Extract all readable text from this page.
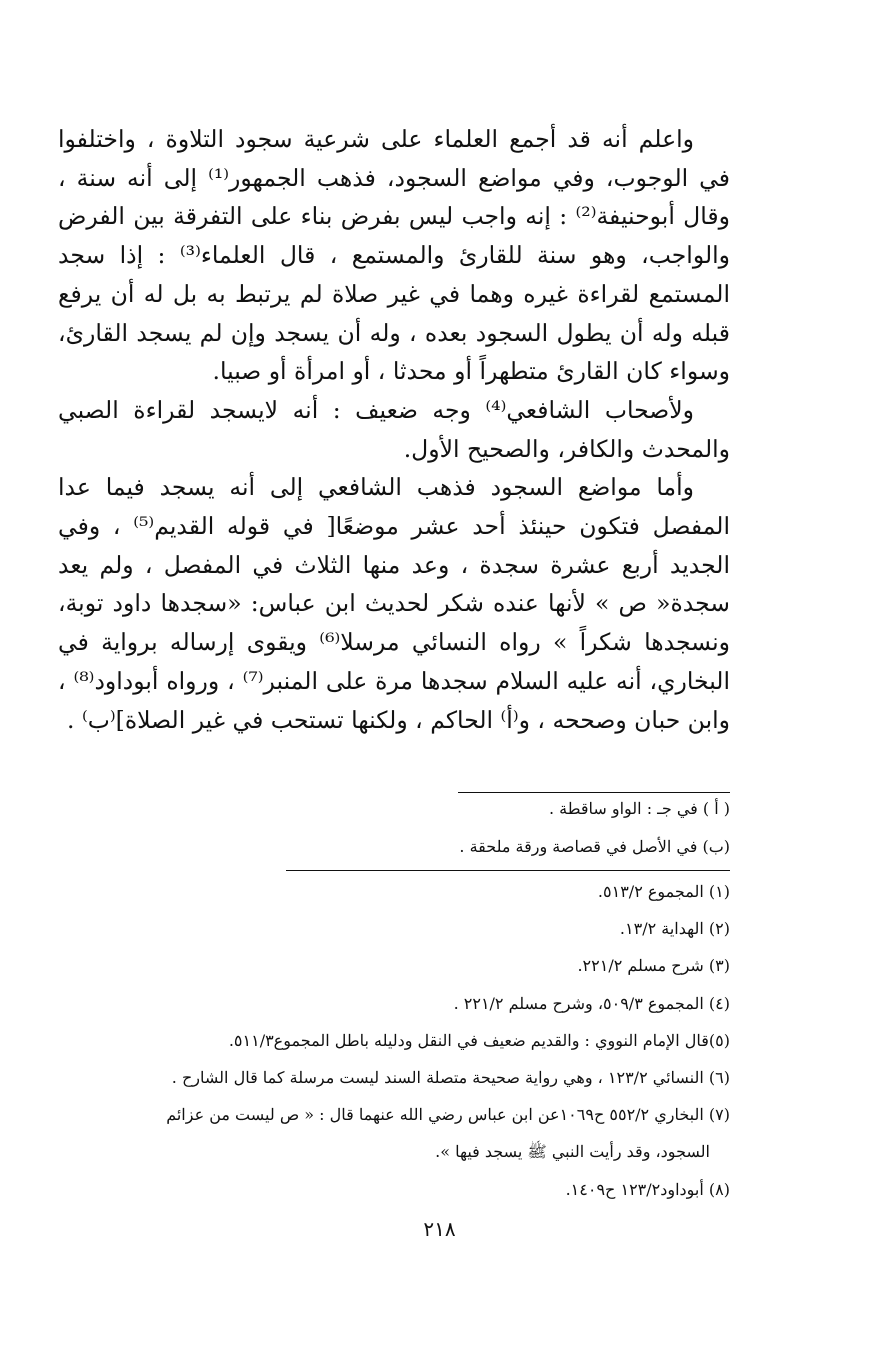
واعلم أنه قد أجمع العلماء على شرعية سجود التلاوة ، واختلفوا في الوجوب، وفي مواضع السجود، فذهب الجمهور⁽¹⁾ إلى أنه سنة ، وقال أبوحنيفة⁽²⁾ : إنه واجب ليس بفرض بناء على التفرقة بين الفرض والواجب، وهو سنة للقارئ والمستمع ، قال العلماء⁽³⁾ : إذا سجد المستمع لقراءة غيره وهما في غير صلاة لم يرتبط به بل له أن يرفع قبله وله أن يطول السجود بعده ، وله أن يسجد وإن لم يسجد القارئ، وسواء كان القارئ متطهراً أو محدثا ، أو امرأة أو صبيا.

ولأصحاب الشافعي⁽⁴⁾ وجه ضعيف : أنه لايسجد لقراءة الصبي والمحدث والكافر، والصحيح الأول.

وأما مواضع السجود فذهب الشافعي إلى أنه يسجد فيما عدا المفصل فتكون حينئذ أحد عشر موضعًا[ في قوله القديم⁽⁵⁾ ، وفي الجديد أربع عشرة سجدة ، وعد منها الثلاث في المفصل ، ولم يعد سجدة« ص » لأنها عنده شكر لحديث ابن عباس: «سجدها داود توبة، ونسجدها شكراً » رواه النسائي مرسلا⁽⁶⁾ ويقوى إرساله برواية في البخاري، أنه عليه السلام سجدها مرة على المنبر⁽⁷⁾ ، ورواه أبوداود⁽⁸⁾ ، وابن حبان وصححه ، و⁽أ⁾ الحاكم ، ولكنها تستحب في غير الصلاة]⁽ب⁾ .

( أ ) في جـ : الواو ساقطة .

(ب) في الأصل في قصاصة ورقة ملحقة .

(١) المجموع ٥١٣/٢.

(٢) الهداية ١٣/٢.

(٣) شرح مسلم ٢٢١/٢.

(٤) المجموع ٥٠٩/٣، وشرح مسلم ٢٢١/٢ .

(٥)قال الإمام النووي : والقديم ضعيف في النقل ودليله باطل المجموع٥١١/٣.

(٦) النسائي ١٢٣/٢ ، وهي رواية صحيحة متصلة السند ليست مرسلة كما قال الشارح .

(٧) البخاري ٥٥٢/٢ ح١٠٦٩عن ابن عباس رضي الله عنهما قال : « ص ليست من عزائم

السجود، وقد رأيت النبي ﷺ يسجد فيها ».

(٨) أبوداود١٢٣/٢ ح١٤٠٩.

٢١٨
